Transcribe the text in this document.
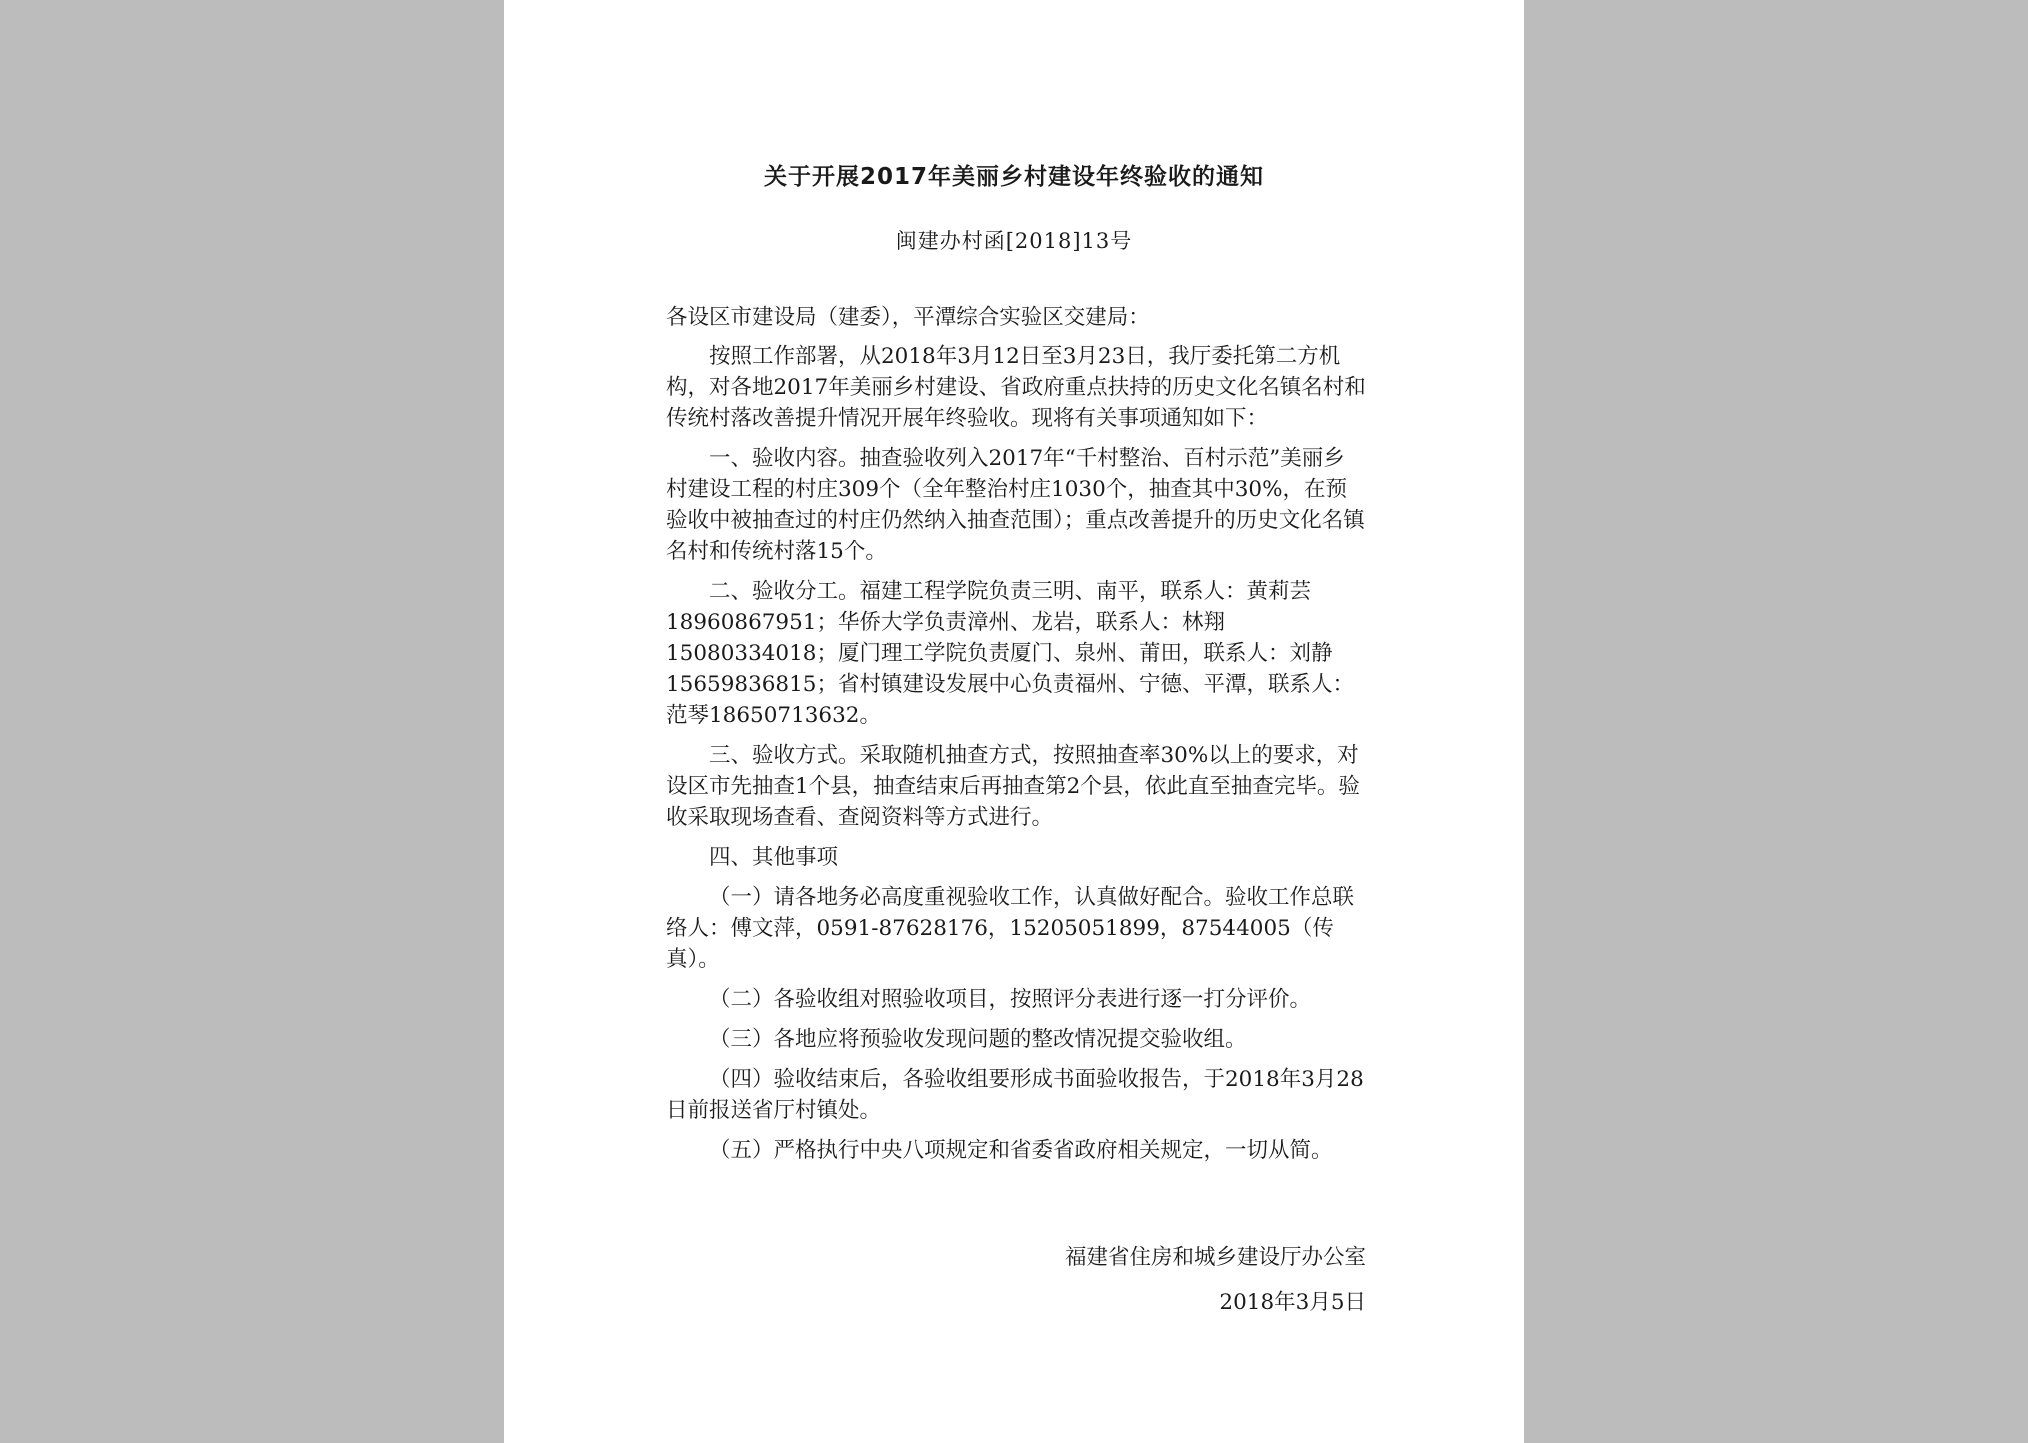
关于开展2017年美丽乡村建设年终验收的通知
闽建办村函[2018]13号

各设区市建设局（建委），平潭综合实验区交建局：

按照工作部署，从2018年3月12日至3月23日，我厅委托第二方机构，对各地2017年美丽乡村建设、省政府重点扶持的历史文化名镇名村和传统村落改善提升情况开展年终验收。现将有关事项通知如下：

一、验收内容。抽查验收列入2017年“千村整治、百村示范”美丽乡村建设工程的村庄309个（全年整治村庄1030个，抽查其中30%，在预验收中被抽查过的村庄仍然纳入抽查范围）；重点改善提升的历史文化名镇名村和传统村落15个。

二、验收分工。福建工程学院负责三明、南平，联系人：黄莉芸18960867951；华侨大学负责漳州、龙岩，联系人：林翔15080334018；厦门理工学院负责厦门、泉州、莆田，联系人：刘静15659836815；省村镇建设发展中心负责福州、宁德、平潭，联系人：范琴18650713632。

三、验收方式。采取随机抽查方式，按照抽查率30%以上的要求，对设区市先抽查1个县，抽查结束后再抽查第2个县，依此直至抽查完毕。验收采取现场查看、查阅资料等方式进行。

四、其他事项

（一）请各地务必高度重视验收工作，认真做好配合。验收工作总联络人：傅文萍，0591-87628176，15205051899，87544005（传真）。

（二）各验收组对照验收项目，按照评分表进行逐一打分评价。

（三）各地应将预验收发现问题的整改情况提交验收组。

（四）验收结束后，各验收组要形成书面验收报告，于2018年3月28日前报送省厅村镇处。

（五）严格执行中央八项规定和省委省政府相关规定，一切从简。

福建省住房和城乡建设厅办公室
2018年3月5日
